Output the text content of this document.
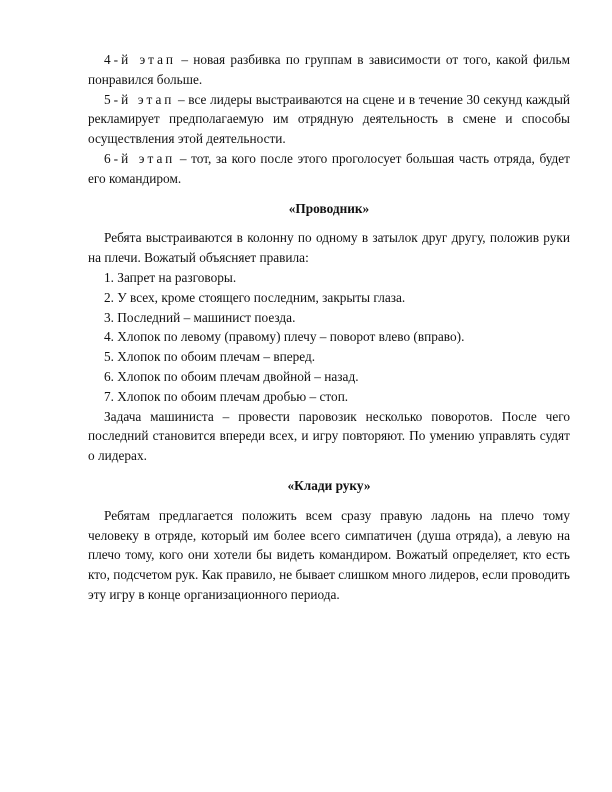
4-й этап – новая разбивка по группам в зависимости от того, какой фильм понравился больше.

5-й этап – все лидеры выстраиваются на сцене и в течение 30 секунд каждый рекламирует предполагаемую им отрядную деятельность в смене и способы осуществления этой деятельности.

6-й этап – тот, за кого после этого проголосует большая часть отряда, будет его командиром.

«Проводник»

Ребята выстраиваются в колонну по одному в затылок друг другу, положив руки на плечи. Вожатый объясняет правила:

1. Запрет на разговоры.

2. У всех, кроме стоящего последним, закрыты глаза.

3. Последний – машинист поезда.

4. Хлопок по левому (правому) плечу – поворот влево (вправо).

5. Хлопок по обоим плечам – вперед.

6. Хлопок по обоим плечам двойной – назад.

7. Хлопок по обоим плечам дробью – стоп.

Задача машиниста – провести паровозик несколько поворотов. После чего последний становится впереди всех, и игру повторяют. По умению управлять судят о лидерах.

«Клади руку»

Ребятам предлагается положить всем сразу правую ладонь на плечо тому человеку в отряде, который им более всего симпатичен (душа отряда), а левую на плечо тому, кого они хотели бы видеть командиром. Вожатый определяет, кто есть кто, подсчетом рук. Как правило, не бывает слишком много лидеров, если проводить эту игру в конце организационного периода.
